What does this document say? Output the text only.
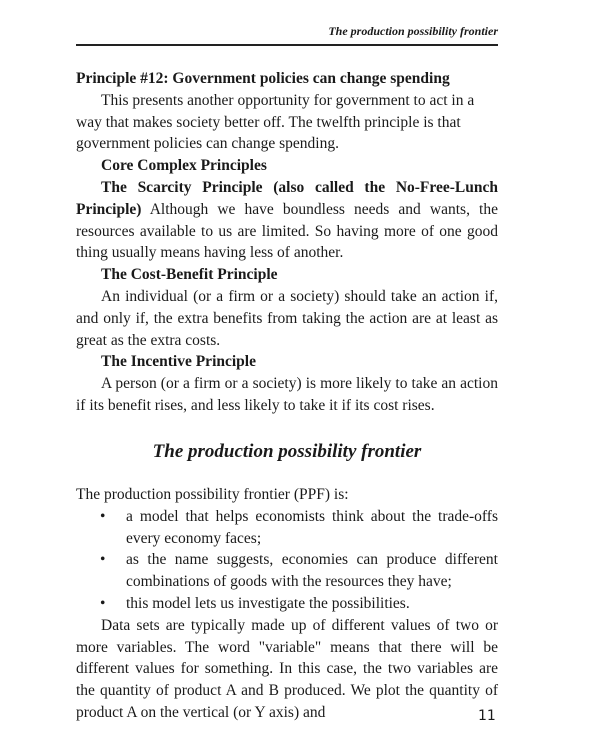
The production possibility frontier

Principle #12: Government policies can change spending

This presents another opportunity for government to act in a way that makes society better off. The twelfth principle is that government policies can change spending.

Core Complex Principles

The Scarcity Principle (also called the No-Free-Lunch Principle) Although we have boundless needs and wants, the resources available to us are limited. So having more of one good thing usually means having less of another.

The Cost-Benefit Principle

An individual (or a firm or a society) should take an action if, and only if, the extra benefits from taking the action are at least as great as the extra costs.

The Incentive Principle

A person (or a firm or a society) is more likely to take an action if its benefit rises, and less likely to take it if its cost rises.

The production possibility frontier

The production possibility frontier (PPF) is:

• a model that helps economists think about the trade-offs every economy faces;
• as the name suggests, economies can produce different combinations of goods with the resources they have;
• this model lets us investigate the possibilities.

Data sets are typically made up of different values of two or more variables. The word "variable" means that there will be different values for something. In this case, the two variables are the quantity of product A and B produced. We plot the quantity of product A on the vertical (or Y axis) and	11
